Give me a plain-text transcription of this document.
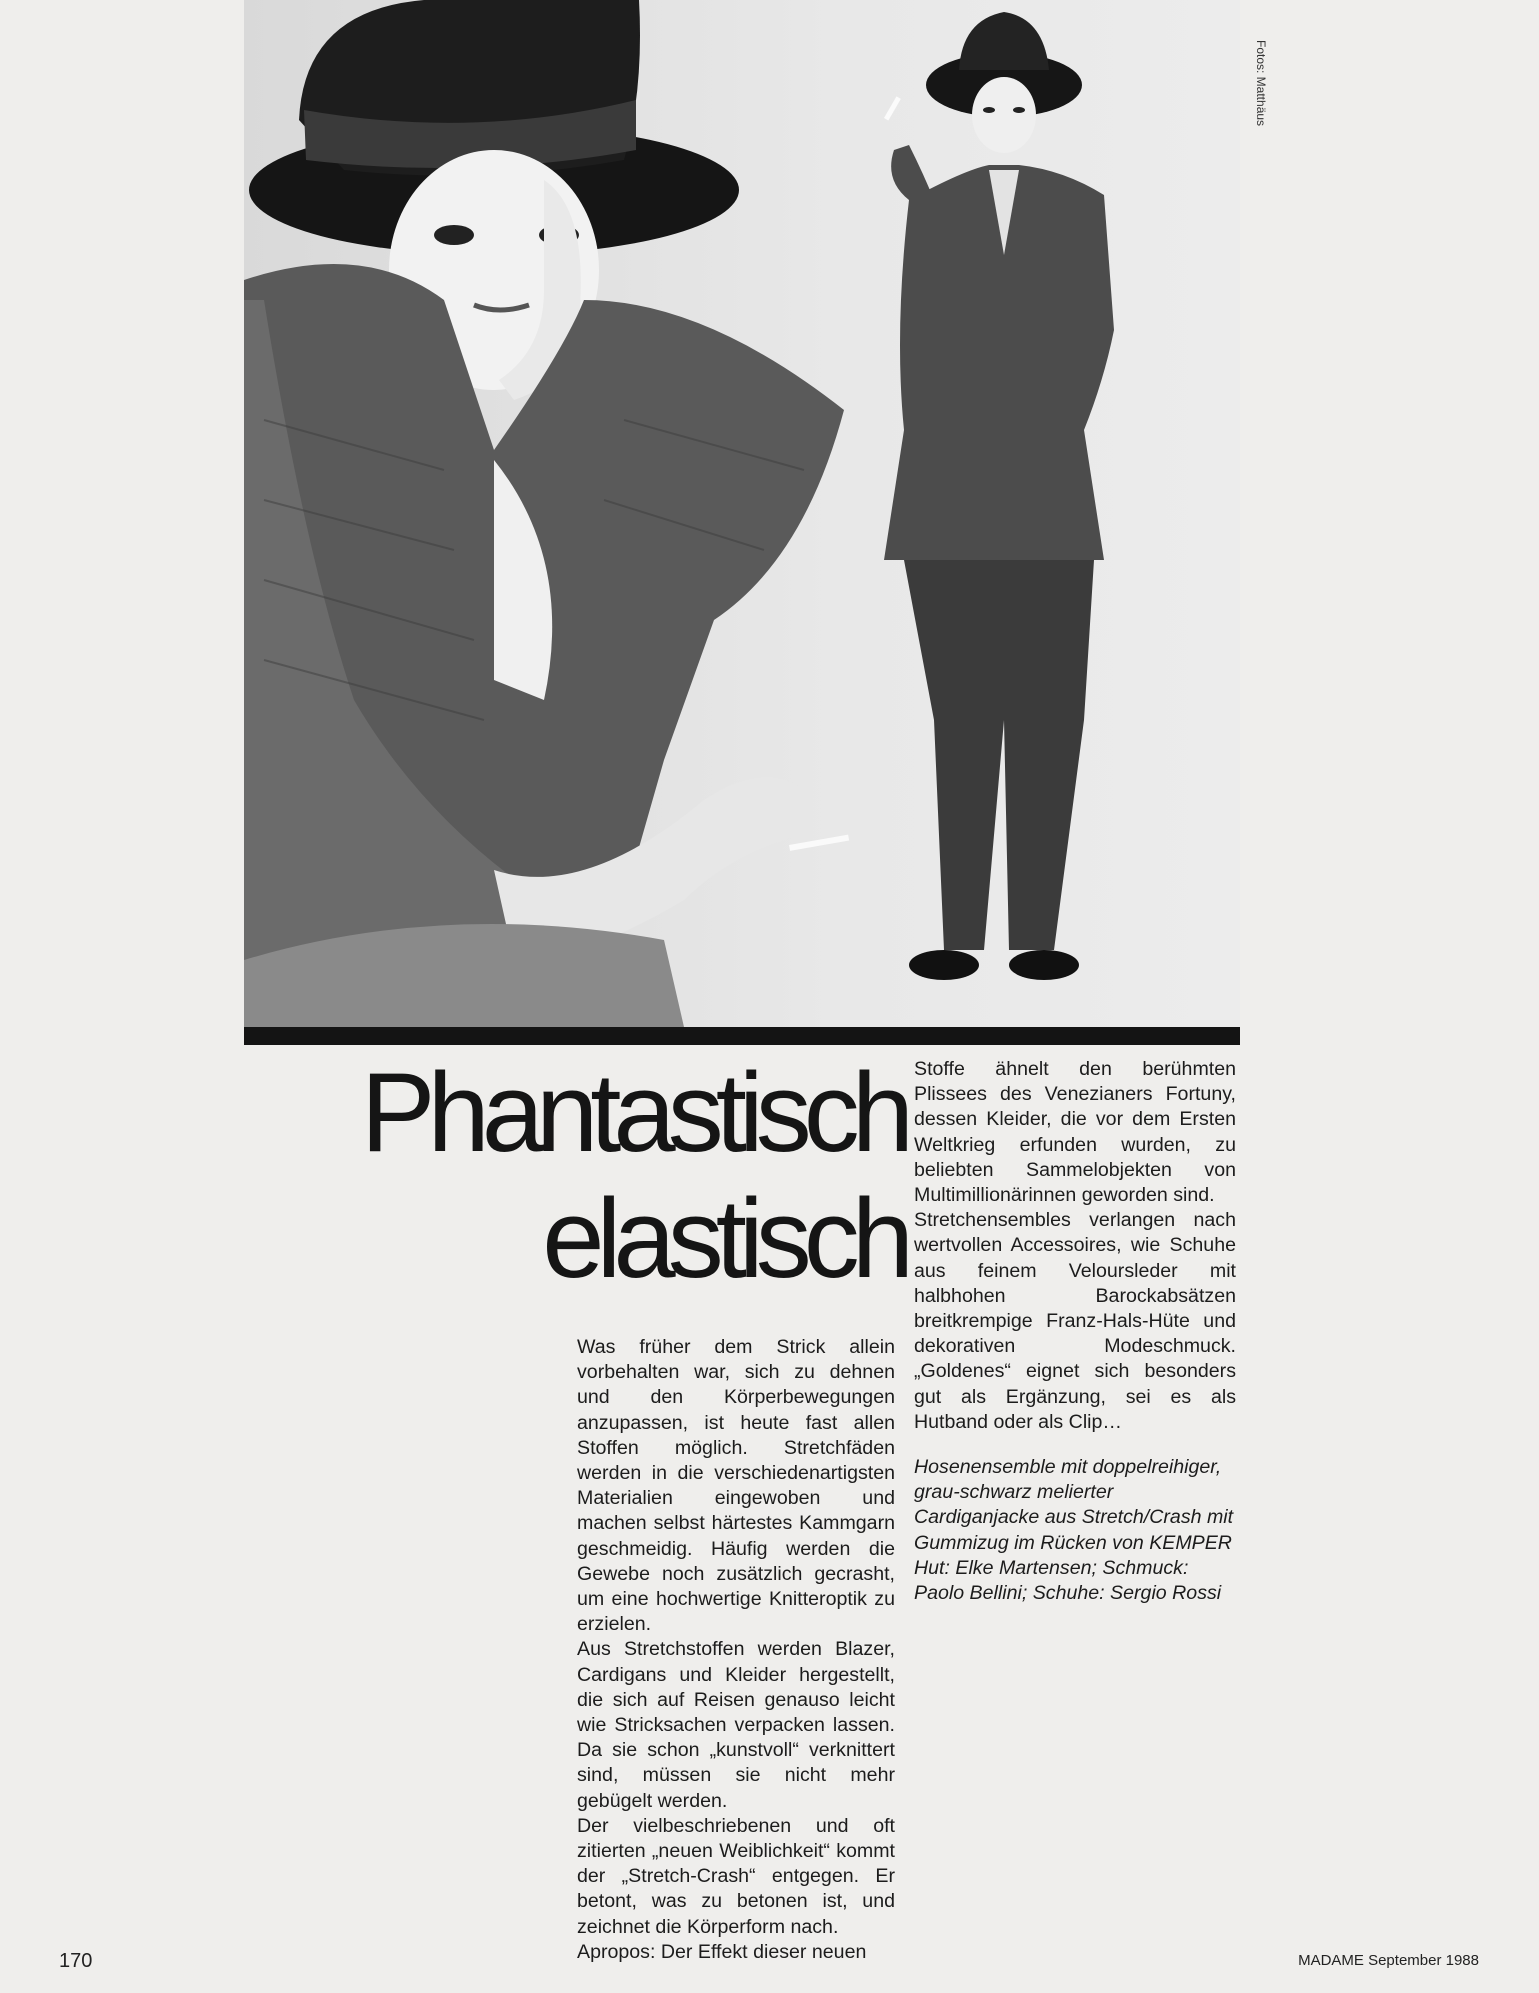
Fotos: Matthäus
Phantastisch
elastisch

Was früher dem Strick allein vorbehalten war, sich zu dehnen und den Körperbewegungen anzupassen, ist heute fast allen Stoffen möglich. Stretchfäden werden in die verschiedenartigsten Materialien eingewoben und machen selbst härtestes Kammgarn geschmeidig. Häufig werden die Gewebe noch zusätzlich gecrasht, um eine hochwertige Knitteroptik zu erzielen.

Aus Stretchstoffen werden Blazer, Cardigans und Kleider hergestellt, die sich auf Reisen genauso leicht wie Stricksachen verpacken lassen. Da sie schon „kunstvoll“ verknittert sind, müssen sie nicht mehr gebügelt werden.

Der vielbeschriebenen und oft zitierten „neuen Weiblichkeit“ kommt der „Stretch-Crash“ entgegen. Er betont, was zu betonen ist, und zeichnet die Körperform nach.

Apropos: Der Effekt dieser neuen

Stoffe ähnelt den berühmten Plissees des Venezianers Fortuny, dessen Kleider, die vor dem Ersten Weltkrieg erfunden wurden, zu beliebten Sammelobjekten von Multimillionärinnen geworden sind.

Stretchensembles verlangen nach wertvollen Accessoires, wie Schuhe aus feinem Veloursleder mit halbhohen Barockabsätzen breitkrempige Franz-Hals-Hüte und dekorativen Modeschmuck. „Goldenes“ eignet sich besonders gut als Ergänzung, sei es als Hutband oder als Clip…

Hosenensemble mit doppelreihiger, grau-schwarz melierter Cardiganjacke aus Stretch/Crash mit Gummizug im Rücken von KEMPER

Hut: Elke Martensen; Schmuck: Paolo Bellini; Schuhe: Sergio Rossi

170	MADAME September 1988
